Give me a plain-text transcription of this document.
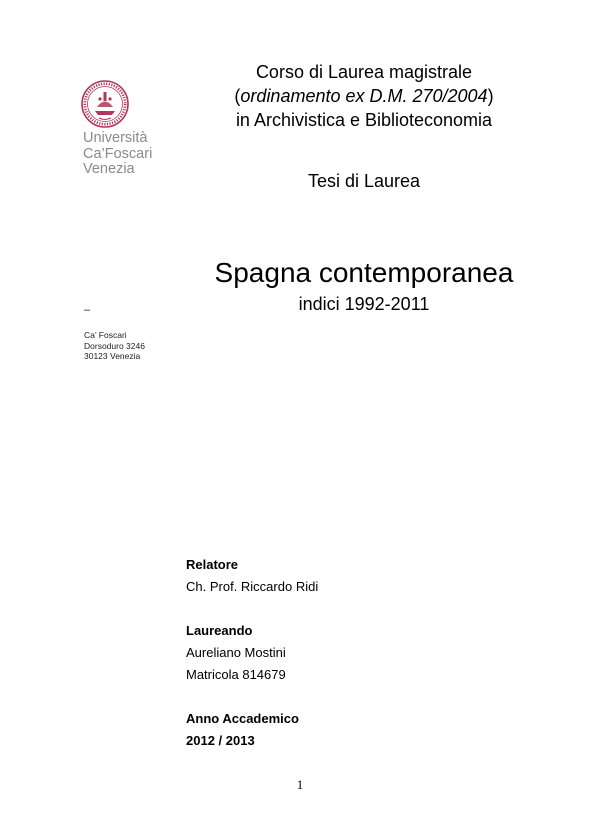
Università
Ca’Foscari
Venezia
–
Ca’ Foscari
Dorsoduro 3246
30123 Venezia
Corso di Laurea magistrale
(ordinamento ex D.M. 270/2004)
in Archivistica e Biblioteconomia
Tesi di Laurea
Spagna contemporanea
indici 1992-2011
Relatore
Ch. Prof. Riccardo Ridi
Laureando
Aureliano Mostini
Matricola 814679
Anno Accademico
2012 / 2013
1
